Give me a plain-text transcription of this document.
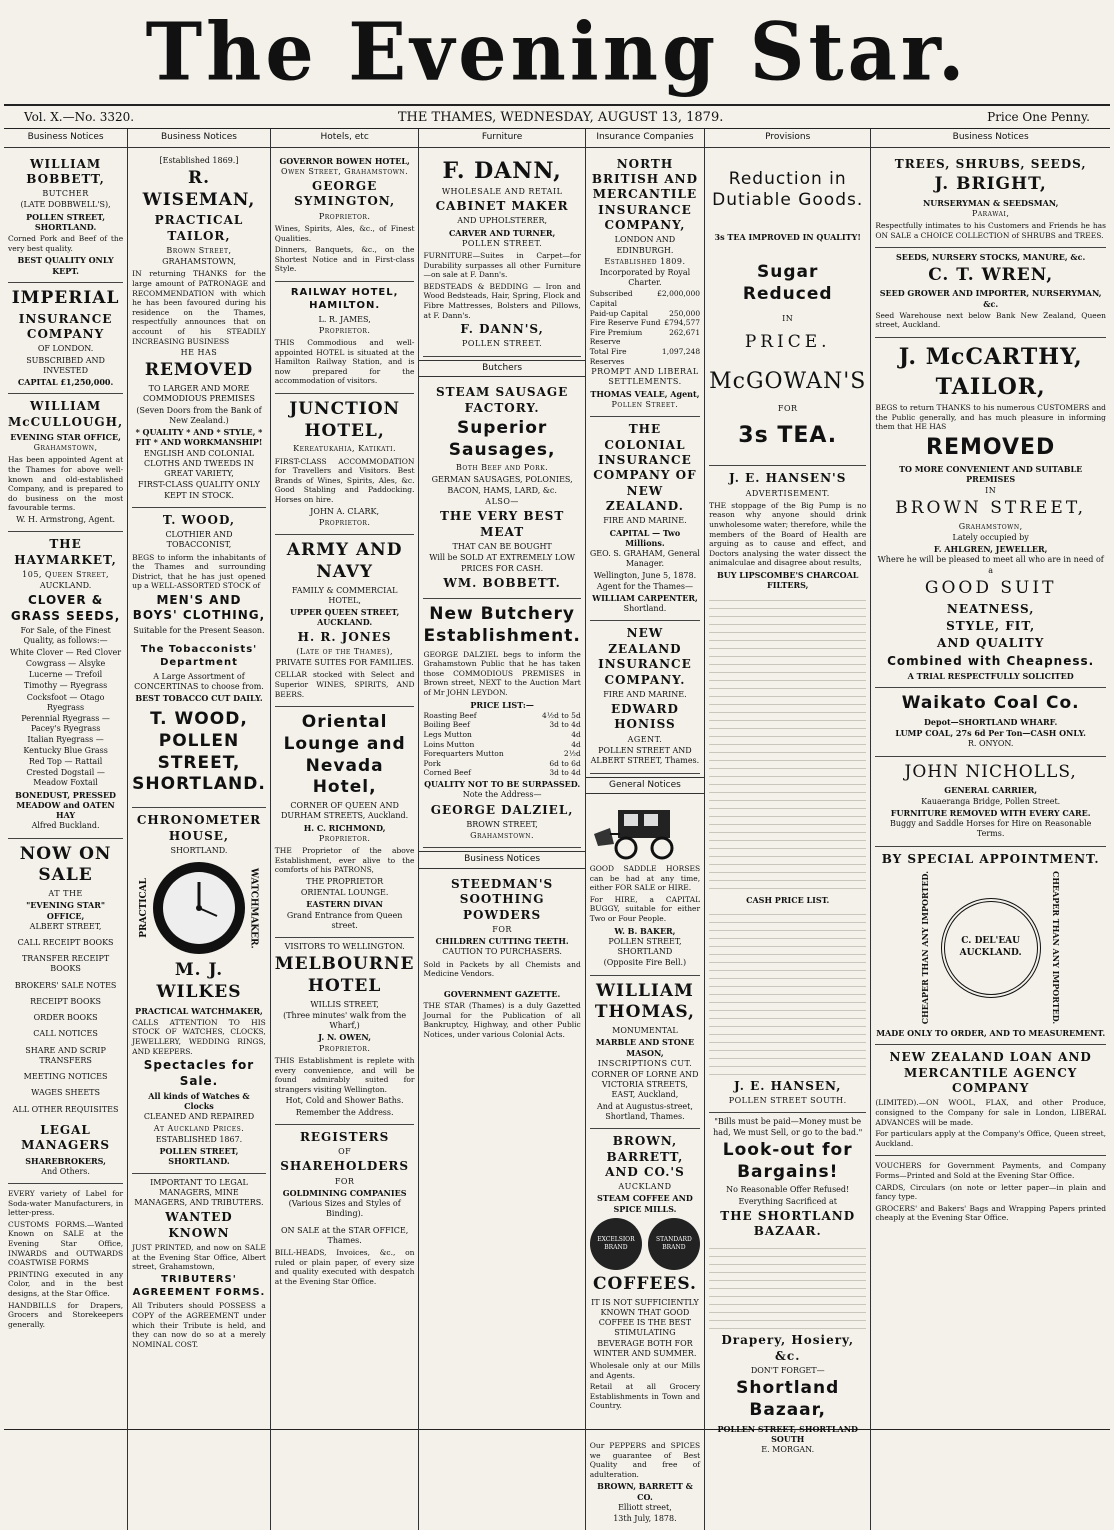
The Evening Star.
Vol. X.—No. 3320.	THE THAMES, WEDNESDAY, AUGUST 13, 1879.	Price One Penny.
Business Notices
WILLIAM BOBBETT,
BUTCHER
(LATE DOBBWELL'S),
POLLEN STREET, SHORTLAND.
Corned Pork and Beef of the very best quality.
BEST QUALITY ONLY KEPT.
IMPERIAL
INSURANCE COMPANY
OF LONDON.
SUBSCRIBED AND INVESTED
CAPITAL £1,250,000.
WILLIAM McCULLOUGH,
EVENING STAR OFFICE,
Grahamstown,
Has been appointed Agent at the Thames for above well-known and old-established Company, and is prepared to do business on the most favourable terms.
W. H. Armstrong, Agent.
THE HAYMARKET,
105, Queen Street,
AUCKLAND.
CLOVER & GRASS SEEDS,
For Sale, of the Finest Quality, as follows:—
White Clover — Red Clover
Cowgrass — Alsyke
Lucerne — Trefoil
Timothy — Ryegrass
Cocksfoot — Otago Ryegrass
Perennial Ryegrass — Pacey's Ryegrass
Italian Ryegrass — Kentucky Blue Grass
Red Top — Rattail
Crested Dogstail — Meadow Foxtail
BONEDUST, PRESSED MEADOW and OATEN HAY
Alfred Buckland.
NOW ON SALE
AT THE
"EVENING STAR" OFFICE,
ALBERT STREET,
CALL RECEIPT BOOKS
TRANSFER RECEIPT BOOKS
BROKERS' SALE NOTES
RECEIPT BOOKS
ORDER BOOKS
CALL NOTICES
SHARE AND SCRIP TRANSFERS
MEETING NOTICES
WAGES SHEETS
ALL OTHER REQUISITES
LEGAL MANAGERS
SHAREBROKERS,
And Others.
EVERY variety of Label for Soda-water Manufacturers, in letter-press.
CUSTOMS FORMS.—Wanted Known on SALE at the Evening Star Office, INWARDS and OUTWARDS COASTWISE FORMS
PRINTING executed in any Color, and in the best designs, at the Star Office.
HANDBILLS for Drapers, Grocers and Storekeepers generally.
Business Notices
[Established 1869.]
R. WISEMAN,
PRACTICAL TAILOR,
Brown Street,
GRAHAMSTOWN,
IN returning THANKS for the large amount of PATRONAGE and RECOMMENDATION with which he has been favoured during his residence on the Thames, respectfully announces that on account of his STEADILY INCREASING BUSINESS
HE HAS
REMOVED
TO LARGER AND MORE COMMODIOUS PREMISES
(Seven Doors from the Bank of New Zealand.)
* QUALITY * AND * STYLE, * FIT * AND WORKMANSHIP!
ENGLISH AND COLONIAL CLOTHS AND TWEEDS IN GREAT VARIETY,
FIRST-CLASS QUALITY ONLY KEPT IN STOCK.
T. WOOD,
CLOTHIER AND TOBACCONIST,
BEGS to inform the inhabitants of the Thames and surrounding District, that he has just opened up a WELL-ASSORTED STOCK of
MEN'S AND BOYS' CLOTHING,
Suitable for the Present Season.
The Tobacconists' Department
A Large Assortment of CONCERTINAS to choose from.
BEST TOBACCO CUT DAILY.
T. WOOD, POLLEN STREET, SHORTLAND.
CHRONOMETER HOUSE,
SHORTLAND.
PRACTICAL	WATCHMAKER.
M. J. WILKES
PRACTICAL WATCHMAKER,
CALLS ATTENTION TO HIS STOCK OF WATCHES, CLOCKS, JEWELLERY, WEDDING RINGS, AND KEEPERS.
Spectacles for Sale.
All kinds of Watches & Clocks
CLEANED AND REPAIRED
At Auckland Prices.
ESTABLISHED 1867.
POLLEN STREET, SHORTLAND.
IMPORTANT TO LEGAL MANAGERS, MINE MANAGERS, AND TRIBUTERS.
WANTED KNOWN
JUST PRINTED, and now on SALE at the Evening Star Office, Albert street, Grahamstown,
TRIBUTERS' AGREEMENT FORMS.
All Tributers should POSSESS a COPY of the AGREEMENT under which their Tribute is held, and they can now do so at a merely NOMINAL COST.
Hotels, etc
GOVERNOR BOWEN HOTEL,
Owen Street, Grahamstown.
GEORGE SYMINGTON,
Proprietor.
Wines, Spirits, Ales, &c., of Finest Qualities.
Dinners, Banquets, &c., on the Shortest Notice and in First-class Style.
RAILWAY HOTEL, HAMILTON.
L. R. JAMES,
Proprietor.
THIS Commodious and well-appointed HOTEL is situated at the Hamilton Railway Station, and is now prepared for the accommodation of visitors.
JUNCTION HOTEL,
Kereatukahia, Katikati.
FIRST-CLASS ACCOMMODATION for Travellers and Visitors. Best Brands of Wines, Spirits, Ales, &c. Good Stabling and Paddocking. Horses on hire.
JOHN A. CLARK,
Proprietor.
ARMY AND NAVY
FAMILY & COMMERCIAL HOTEL,
UPPER QUEEN STREET, AUCKLAND.
H. R. JONES
(Late of the Thames),
PRIVATE SUITES FOR FAMILIES.
CELLAR stocked with Select and Superior WINES, SPIRITS, AND BEERS.
Oriental Lounge and Nevada Hotel,
CORNER OF QUEEN AND DURHAM STREETS, Auckland.
H. C. RICHMOND,
Proprietor.
THE Proprietor of the above Establishment, ever alive to the comforts of his PATRONS,
THE PROPRIETOR
ORIENTAL LOUNGE.
EASTERN DIVAN
Grand Entrance from Queen street.
VISITORS TO WELLINGTON.
MELBOURNE HOTEL
WILLIS STREET,
(Three minutes' walk from the Wharf,)
J. N. OWEN,
Proprietor.
THIS Establishment is replete with every convenience, and will be found admirably suited for strangers visiting Wellington.
Hot, Cold and Shower Baths.
Remember the Address.
REGISTERS
OF
SHAREHOLDERS
FOR
GOLDMINING COMPANIES
(Various Sizes and Styles of Binding).
ON SALE at the STAR OFFICE, Thames.
BILL-HEADS, Invoices, &c., on ruled or plain paper, of every size and quality executed with despatch at the Evening Star Office.
Furniture
F. DANN,
WHOLESALE AND RETAIL
CABINET MAKER
AND UPHOLSTERER,
CARVER AND TURNER,
POLLEN STREET.
FURNITURE—Suites in Carpet—for Durability surpasses all other Furniture—on sale at F. Dann's.
BEDSTEADS & BEDDING — Iron and Wood Bedsteads, Hair, Spring, Flock and Fibre Mattresses, Bolsters and Pillows, at F. Dann's.
F. DANN'S,
POLLEN STREET.
Butchers
STEAM SAUSAGE FACTORY.
Superior Sausages,
Both Beef and Pork.
GERMAN SAUSAGES, POLONIES,
BACON, HAMS, LARD, &c.
ALSO—
THE VERY BEST MEAT
THAT CAN BE BOUGHT
Will be SOLD AT EXTREMELY LOW PRICES FOR CASH.
WM. BOBBETT.
New Butchery Establishment.
GEORGE DALZIEL begs to inform the Grahamstown Public that he has taken those COMMODIOUS PREMISES in Brown street, NEXT to the Auction Mart of Mr JOHN LEYDON.
PRICE LIST:—
Roasting Beef	4½d to 5d
Boiling Beef	3d to 4d
Legs Mutton	4d
Loins Mutton	4d
Forequarters Mutton	2½d
Pork	6d to 6d
Corned Beef	3d to 4d
QUALITY NOT TO BE SURPASSED.
Note the Address—
GEORGE DALZIEL,
BROWN STREET,
Grahamstown.
Business Notices
STEEDMAN'S SOOTHING POWDERS
FOR
CHILDREN CUTTING TEETH.
CAUTION TO PURCHASERS.
Sold in Packets by all Chemists and Medicine Vendors.
GOVERNMENT GAZETTE.
THE STAR (Thames) is a duly Gazetted Journal for the Publication of all Bankruptcy, Highway, and other Public Notices, under various Colonial Acts.
Insurance Companies
NORTH BRITISH AND MERCANTILE INSURANCE COMPANY,
LONDON AND EDINBURGH.
Established 1809.
Incorporated by Royal Charter.
Subscribed Capital
£2,000,000
Paid-up Capital	250,000
Fire Reserve Fund £794,577
Fire Premium Reserve
262,671
Total Fire Reserves
1,097,248
PROMPT AND LIBERAL SETTLEMENTS.
THOMAS VEALE, Agent,
Pollen Street.
THE COLONIAL INSURANCE COMPANY OF NEW ZEALAND.
FIRE AND MARINE.
CAPITAL — Two Millions.
GEO. S. GRAHAM, General Manager.
Wellington, June 5, 1878.
Agent for the Thames—
WILLIAM CARPENTER,
Shortland.
NEW ZEALAND INSURANCE COMPANY.
FIRE AND MARINE.
EDWARD HONISS
AGENT.
POLLEN STREET AND ALBERT STREET, Thames.
General Notices
GOOD SADDLE HORSES can be had at any time, either FOR SALE or HIRE.
For HIRE, a CAPITAL BUGGY, suitable for either Two or Four People.
W. B. BAKER,
POLLEN STREET, SHORTLAND
(Opposite Fire Bell.)
WILLIAM THOMAS,
MONUMENTAL
MARBLE AND STONE MASON,
INSCRIPTIONS CUT.
CORNER OF LORNE AND VICTORIA STREETS, EAST, Auckland,
And at Augustus-street, Shortland, Thames.
BROWN, BARRETT, AND CO.'S
AUCKLAND
STEAM COFFEE AND SPICE MILLS.
EXCELSIOR BRAND
STANDARD BRAND
COFFEES.
IT IS NOT SUFFICIENTLY KNOWN THAT GOOD COFFEE IS THE BEST STIMULATING BEVERAGE BOTH FOR WINTER AND SUMMER.
Wholesale only at our Mills and Agents.
Retail at all Grocery Establishments in Town and Country.
Our PEPPERS and SPICES we guarantee of Best Quality and free of adulteration.
BROWN, BARRETT & CO.
Elliott street,
13th July, 1878.
Provisions
Reduction in Dutiable Goods.
3s TEA IMPROVED IN QUALITY!
Sugar Reduced
IN
PRICE.
McGOWAN'S
FOR
3s TEA.
J. E. HANSEN'S
ADVERTISEMENT.
THE stoppage of the Big Pump is no reason why anyone should drink unwholesome water; therefore, while the members of the Board of Health are arguing as to cause and effect, and Doctors analysing the water dissect the animalculae and disagree about results,
BUY LIPSCOMBE'S CHARCOAL FILTERS,
CASH PRICE LIST.
J. E. HANSEN,
POLLEN STREET SOUTH.
"Bills must be paid—Money must be had, We must Sell, or go to the bad."
Look-out for Bargains!
No Reasonable Offer Refused!
Everything Sacrificed at
THE SHORTLAND BAZAAR.
Drapery, Hosiery, &c.
DON'T FORGET—
Shortland Bazaar,
POLLEN STREET, SHORTLAND SOUTH
E. MORGAN.
Business Notices
TREES, SHRUBS, SEEDS,
J. BRIGHT,
NURSERYMAN & SEEDSMAN,
Parawai,
Respectfully intimates to his Customers and Friends he has ON SALE a CHOICE COLLECTION of SHRUBS and TREES.
SEEDS, NURSERY STOCKS, MANURE, &c.
C. T. WREN,
SEED GROWER AND IMPORTER, NURSERYMAN, &c.
Seed Warehouse next below Bank New Zealand, Queen street, Auckland.
J. McCARTHY,
TAILOR,
BEGS to return THANKS to his numerous CUSTOMERS and the Public generally, and has much pleasure in informing them that HE HAS
REMOVED
TO MORE CONVENIENT AND SUITABLE PREMISES
IN
BROWN STREET,
Grahamstown,
Lately occupied by
F. AHLGREN, JEWELLER,
Where he will be pleased to meet all who are in need of a
GOOD SUIT
NEATNESS,
STYLE, FIT,
AND QUALITY
Combined with Cheapness.
A TRIAL RESPECTFULLY SOLICITED
Waikato Coal Co.
Depot—SHORTLAND WHARF.
LUMP COAL, 27s 6d Per Ton—CASH ONLY.
R. ONYON.
JOHN NICHOLLS,
GENERAL CARRIER,
Kauaeranga Bridge, Pollen Street.
FURNITURE REMOVED WITH EVERY CARE.
Buggy and Saddle Horses for Hire on Reasonable Terms.
BY SPECIAL APPOINTMENT.
CHEAPER THAN ANY IMPORTED.	C. DEL'EAU
AUCKLAND.	CHEAPER THAN ANY IMPORTED.
MADE ONLY TO ORDER, AND TO MEASUREMENT.
NEW ZEALAND LOAN AND MERCANTILE AGENCY COMPANY
(LIMITED).—ON WOOL, FLAX, and other Produce, consigned to the Company for sale in London, LIBERAL ADVANCES will be made.
For particulars apply at the Company's Office, Queen street, Auckland.
VOUCHERS for Government Payments, and Company Forms—Printed and Sold at the Evening Star Office.
CARDS, Circulars (on note or letter paper—in plain and fancy type.
GROCERS' and Bakers' Bags and Wrapping Papers printed cheaply at the Evening Star Office.
